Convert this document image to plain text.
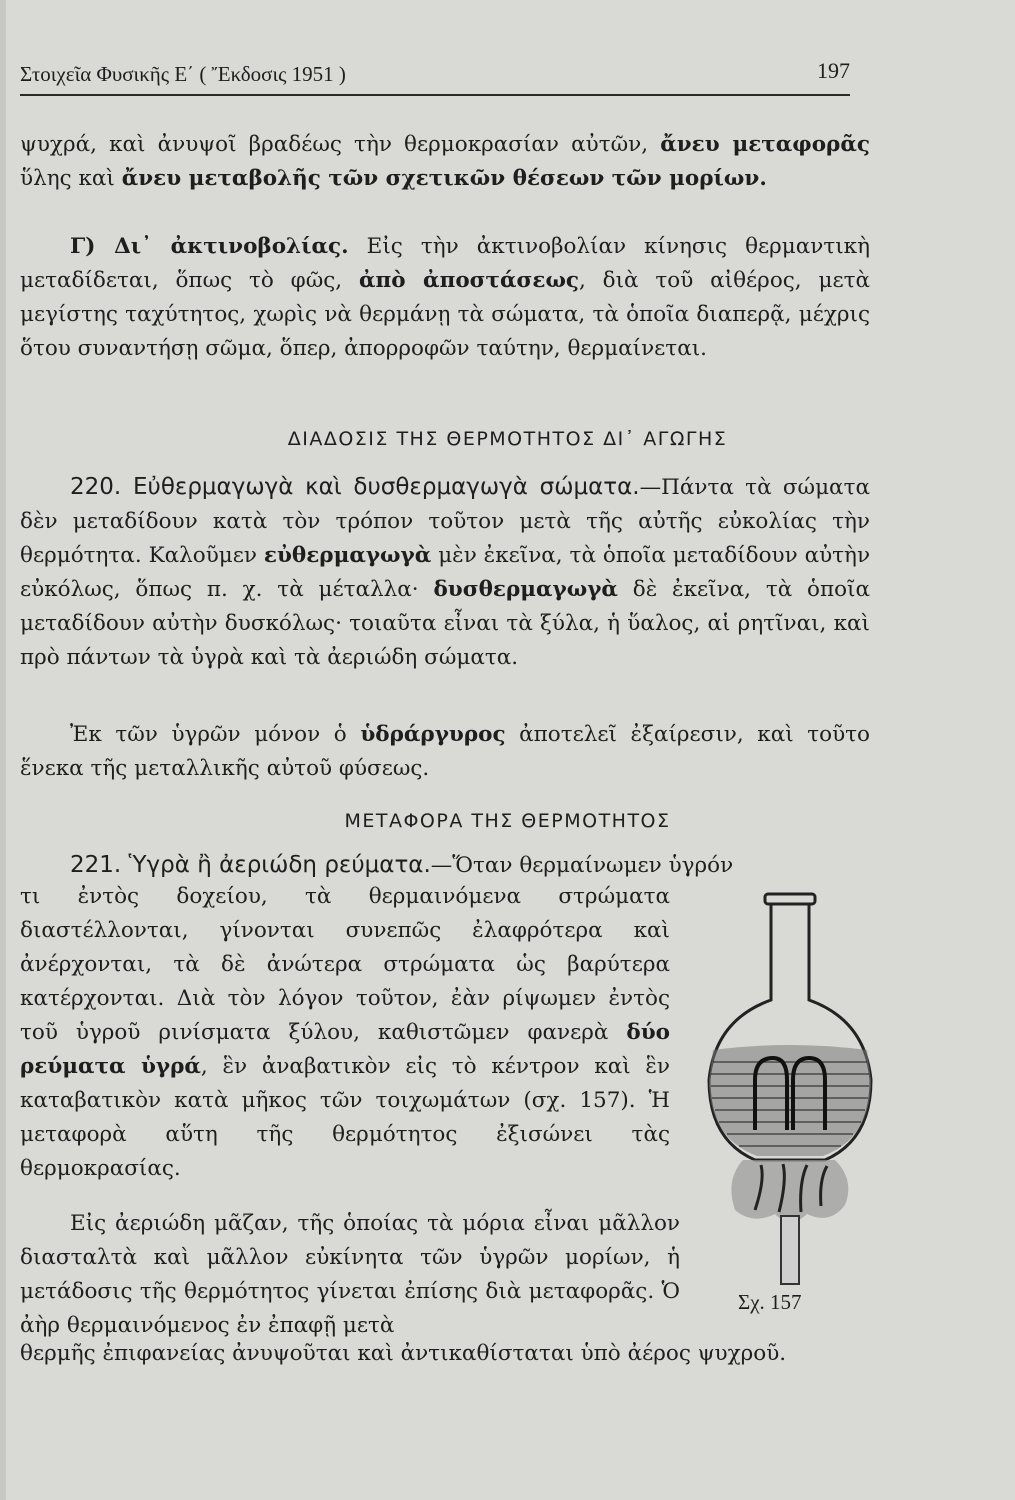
Στοιχεῖα Φυσικῆς Ε΄ ( Ἔκδοσις 1951 )	197
ψυχρά, καὶ ἀνυψοῖ βραδέως τὴν θερμοκρασίαν αὐτῶν, ἄνευ μεταφορᾶς ὕλης καὶ ἄνευ μεταβολῆς τῶν σχετικῶν θέσεων τῶν μορίων.
Γ) Δι᾽ ἀκτινοβολίας. Εἰς τὴν ἀκτινοβολίαν κίνησις θερμαντικὴ μεταδίδεται, ὅπως τὸ φῶς, ἀπὸ ἀποστάσεως, διὰ τοῦ αἰθέρος, μετὰ μεγίστης ταχύτητος, χωρὶς νὰ θερμάνῃ τὰ σώματα, τὰ ὁποῖα διαπερᾷ, μέχρις ὅτου συναντήσῃ σῶμα, ὅπερ, ἀπορροφῶν ταύτην, θερμαίνεται.
ΔΙΑΔΟΣΙΣ ΤΗΣ ΘΕΡΜΟΤΗΤΟΣ ΔΙ᾽ ΑΓΩΓΗΣ
220. Εὐθερμαγωγὰ καὶ δυσθερμαγωγὰ σώματα.—Πάντα τὰ σώματα δὲν μεταδίδουν κατὰ τὸν τρόπον τοῦτον μετὰ τῆς αὐτῆς εὐκολίας τὴν θερμότητα. Καλοῦμεν εὐθερμαγωγὰ μὲν ἐκεῖνα, τὰ ὁποῖα μεταδίδουν αὐτὴν εὐκόλως, ὅπως π. χ. τὰ μέταλλα· δυσθερμαγωγὰ δὲ ἐκεῖνα, τὰ ὁποῖα μεταδίδουν αὐτὴν δυσκόλως· τοιαῦτα εἶναι τὰ ξύλα, ἡ ὕαλος, αἱ ρητῖναι, καὶ πρὸ πάντων τὰ ὑγρὰ καὶ τὰ ἀεριώδη σώματα.
Ἐκ τῶν ὑγρῶν μόνον ὁ ὑδράργυρος ἀποτελεῖ ἐξαίρεσιν, καὶ τοῦτο ἕνεκα τῆς μεταλλικῆς αὐτοῦ φύσεως.
ΜΕΤΑΦΟΡΑ ΤΗΣ ΘΕΡΜΟΤΗΤΟΣ
221. Ὑγρὰ ἢ ἀεριώδη ρεύματα.—Ὅταν θερμαίνωμεν ὑγρόν
τι ἐντὸς δοχείου, τὰ θερμαινόμενα στρώματα διαστέλλονται, γίνονται συνεπῶς ἐλαφρότερα καὶ ἀνέρχονται, τὰ δὲ ἀνώτερα στρώματα ὡς βαρύτερα κατέρχονται. Διὰ τὸν λόγον τοῦτον, ἐὰν ρίψωμεν ἐντὸς τοῦ ὑγροῦ ρινίσματα ξύλου, καθιστῶμεν φανερὰ δύο ρεύματα ὑγρά, ἓν ἀναβατικὸν εἰς τὸ κέντρον καὶ ἓν καταβατικὸν κατὰ μῆκος τῶν τοιχωμάτων (σχ. 157). Ἡ μεταφορὰ αὕτη τῆς θερμότητος ἐξισώνει τὰς θερμοκρασίας.
Εἰς ἀεριώδη μᾶζαν, τῆς ὁποίας τὰ μόρια εἶναι μᾶλλον διασταλτὰ καὶ μᾶλλον εὐκίνητα τῶν ὑγρῶν μορίων, ἡ μετάδοσις τῆς θερμότητος γίνεται ἐπίσης διὰ μεταφορᾶς. Ὁ ἀὴρ θερμαινόμενος ἐν ἐπαφῇ μετὰ
θερμῆς ἐπιφανείας ἀνυψοῦται καὶ ἀντικαθίσταται ὑπὸ ἀέρος ψυχροῦ.
Σχ. 157
